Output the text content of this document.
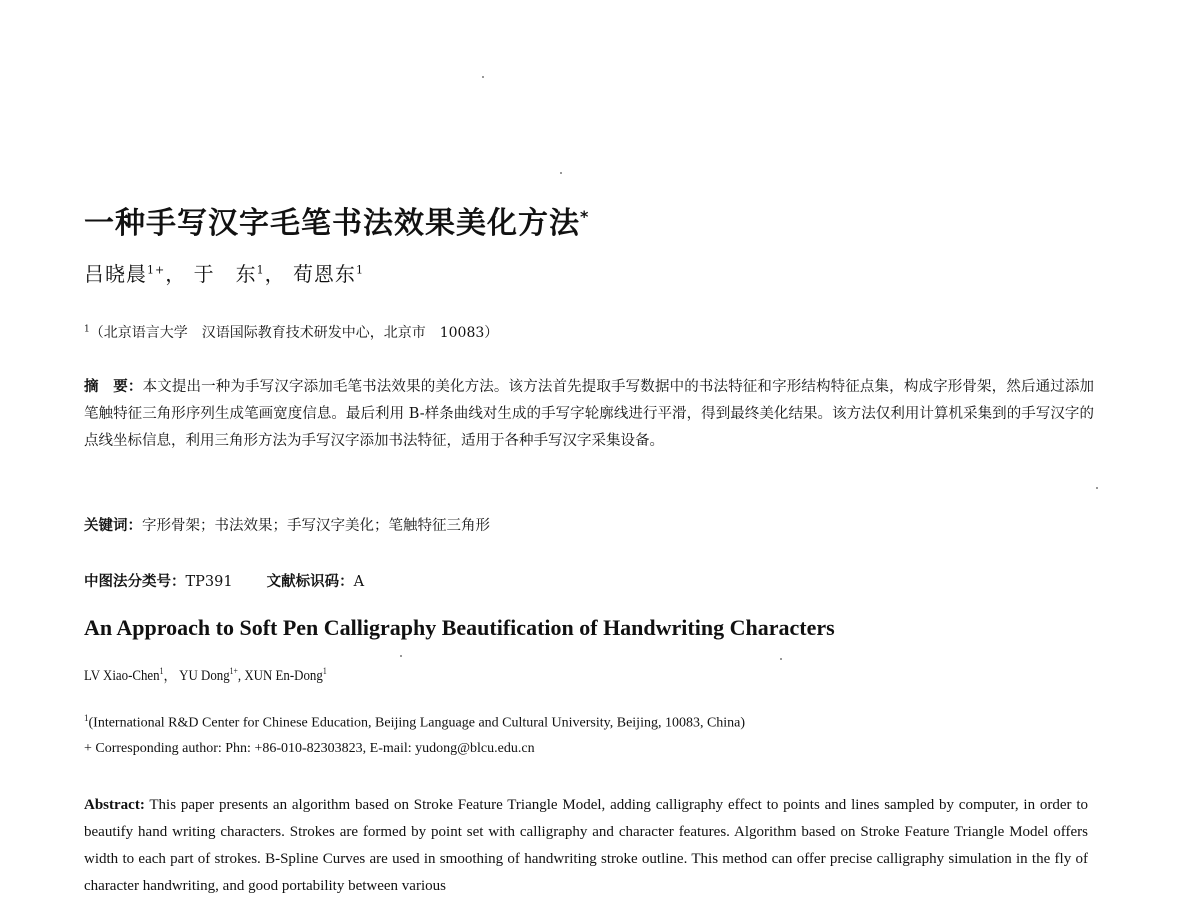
一种手写汉字毛笔书法效果美化方法*
吕晓晨$^{1+}$， 于　东$^1$， 荀恩东$^1$
$^1$（北京语言大学　汉语国际教育技术研发中心，北京市　10083）
摘　要：本文提出一种为手写汉字添加毛笔书法效果的美化方法。该方法首先提取手写数据中的书法特征和字形结构特征点集，构成字形骨架，然后通过添加笔触特征三角形序列生成笔画宽度信息。最后利用 B-样条曲线对生成的手写字轮廓线进行平滑，得到最终美化结果。该方法仅利用计算机采集到的手写汉字的点线坐标信息，利用三角形方法为手写汉字添加书法特征，适用于各种手写汉字采集设备。
关键词：字形骨架；书法效果；手写汉字美化；笔触特征三角形
中图法分类号：TP391 文献标识码：A
An Approach to Soft Pen Calligraphy Beautification of Handwriting Characters
LV Xiao-Chen$^1$， YU Dong$^{1+}$, XUN En-Dong$^1$
$^1$(International R&D Center for Chinese Education, Beijing Language and Cultural University, Beijing, 10083, China)
+ Corresponding author: Phn: +86-010-82303823, E-mail: yudong@blcu.edu.cn
Abstract: This paper presents an algorithm based on Stroke Feature Triangle Model, adding calligraphy effect to points and lines sampled by computer, in order to beautify hand writing characters. Strokes are formed by point set with calligraphy and character features. Algorithm based on Stroke Feature Triangle Model offers width to each part of strokes. B-Spline Curves are used in smoothing of handwriting stroke outline. This method can offer precise calligraphy simulation in the fly of character handwriting, and good portability between various
